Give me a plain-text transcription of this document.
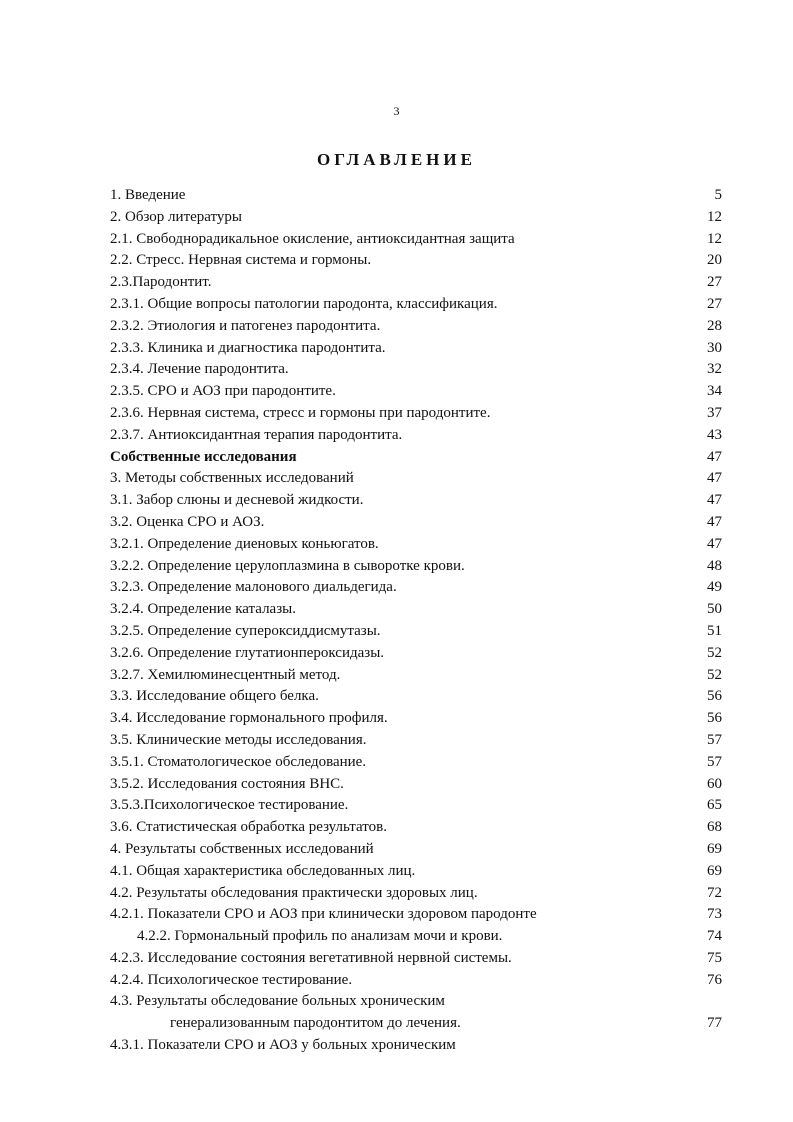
3
ОГЛАВЛЕНИЕ
1. Введение	5
2. Обзор литературы	12
2.1. Свободнорадикальное окисление, антиоксидантная защита	12
2.2. Стресс. Нервная система и гормоны.	20
2.3.Пародонтит.	27
2.3.1. Общие вопросы патологии пародонта, классификация.	27
2.3.2. Этиология и патогенез пародонтита.	28
2.3.3. Клиника и диагностика пародонтита.	30
2.3.4. Лечение пародонтита.	32
2.3.5. СРО и АОЗ при пародонтите.	34
2.3.6. Нервная система, стресс и гормоны при пародонтите.	37
2.3.7. Антиоксидантная терапия пародонтита.	43
Собственные исследования	47
3. Методы собственных исследований	47
3.1. Забор слюны и десневой жидкости.	47
3.2. Оценка СРО и АОЗ.	47
3.2.1. Определение диеновых коньюгатов.	47
3.2.2. Определение церулоплазмина в сыворотке крови.	48
3.2.3. Определение малонового диальдегида.	49
3.2.4. Определение каталазы.	50
3.2.5. Определение супероксиддисмутазы.	51
3.2.6. Определение глутатионпероксидазы.	52
3.2.7. Хемилюминесцентный метод.	52
3.3. Исследование общего белка.	56
3.4. Исследование гормонального профиля.	56
3.5. Клинические методы исследования.	57
3.5.1. Стоматологическое обследование.	57
3.5.2. Исследования состояния ВНС.	60
3.5.3.Психологическое тестирование.	65
3.6. Статистическая обработка результатов.	68
4. Результаты собственных исследований	69
4.1. Общая характеристика обследованных лиц.	69
4.2. Результаты обследования практически здоровых лиц.	72
4.2.1. Показатели СРО и АОЗ при клинически здоровом пародонте	73
4.2.2. Гормональный профиль по анализам мочи и крови.	74
4.2.3. Исследование состояния вегетативной нервной системы.	75
4.2.4. Психологическое тестирование.	76
4.3. Результаты обследование больных хроническим
генерализованным пародонтитом до лечения.	77
4.3.1. Показатели СРО и АОЗ у больных хроническим
